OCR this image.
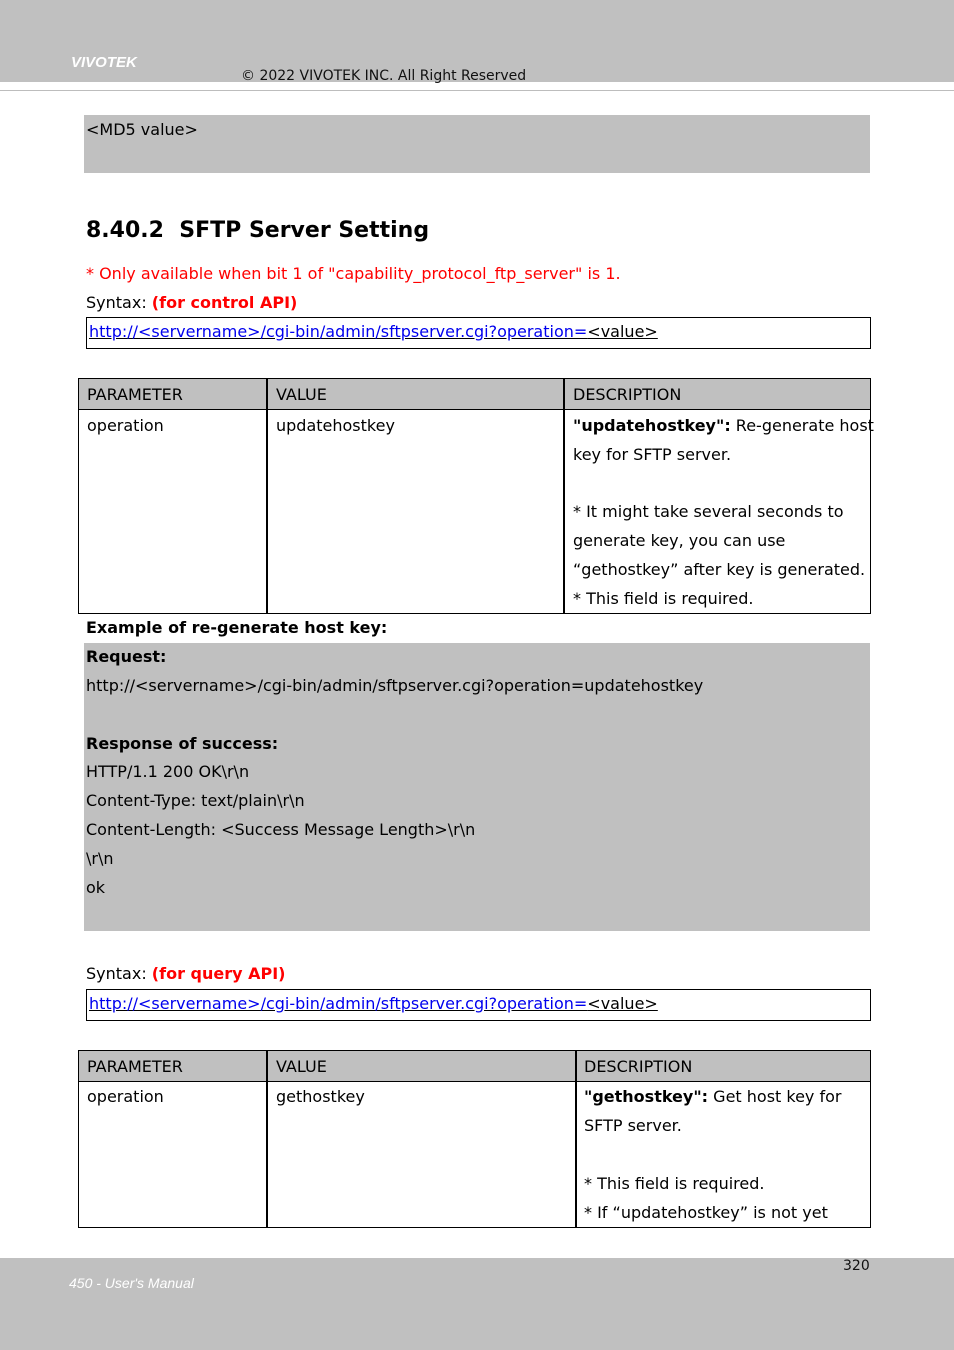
VIVOTEK
© 2022 VIVOTEK INC. All Right Reserved
<MD5 value>
8.40.2 SFTP Server Setting
* Only available when bit 1 of "capability_protocol_ftp_server" is 1.
Syntax: (for control API)
http://<servername>/cgi-bin/admin/sftpserver.cgi?operation=<value>
PARAMETER	VALUE	DESCRIPTION
operation	updatehostkey	"updatehostkey": Re-generate host
key for SFTP server.
* It might take several seconds to
generate key, you can use
“gethostkey” after key is generated.
* This field is required.
Example of re-generate host key:
Request:
http://<servername>/cgi-bin/admin/sftpserver.cgi?operation=updatehostkey
Response of success:
HTTP/1.1 200 OK\r\n
Content-Type: text/plain\r\n
Content-Length: <Success Message Length>\r\n
\r\n
ok
Syntax: (for query API)
http://<servername>/cgi-bin/admin/sftpserver.cgi?operation=<value>
PARAMETER	VALUE	DESCRIPTION
operation	gethostkey	"gethostkey": Get host key for
SFTP server.
* This field is required.
* If “updatehostkey” is not yet
320
450 - User's Manual
